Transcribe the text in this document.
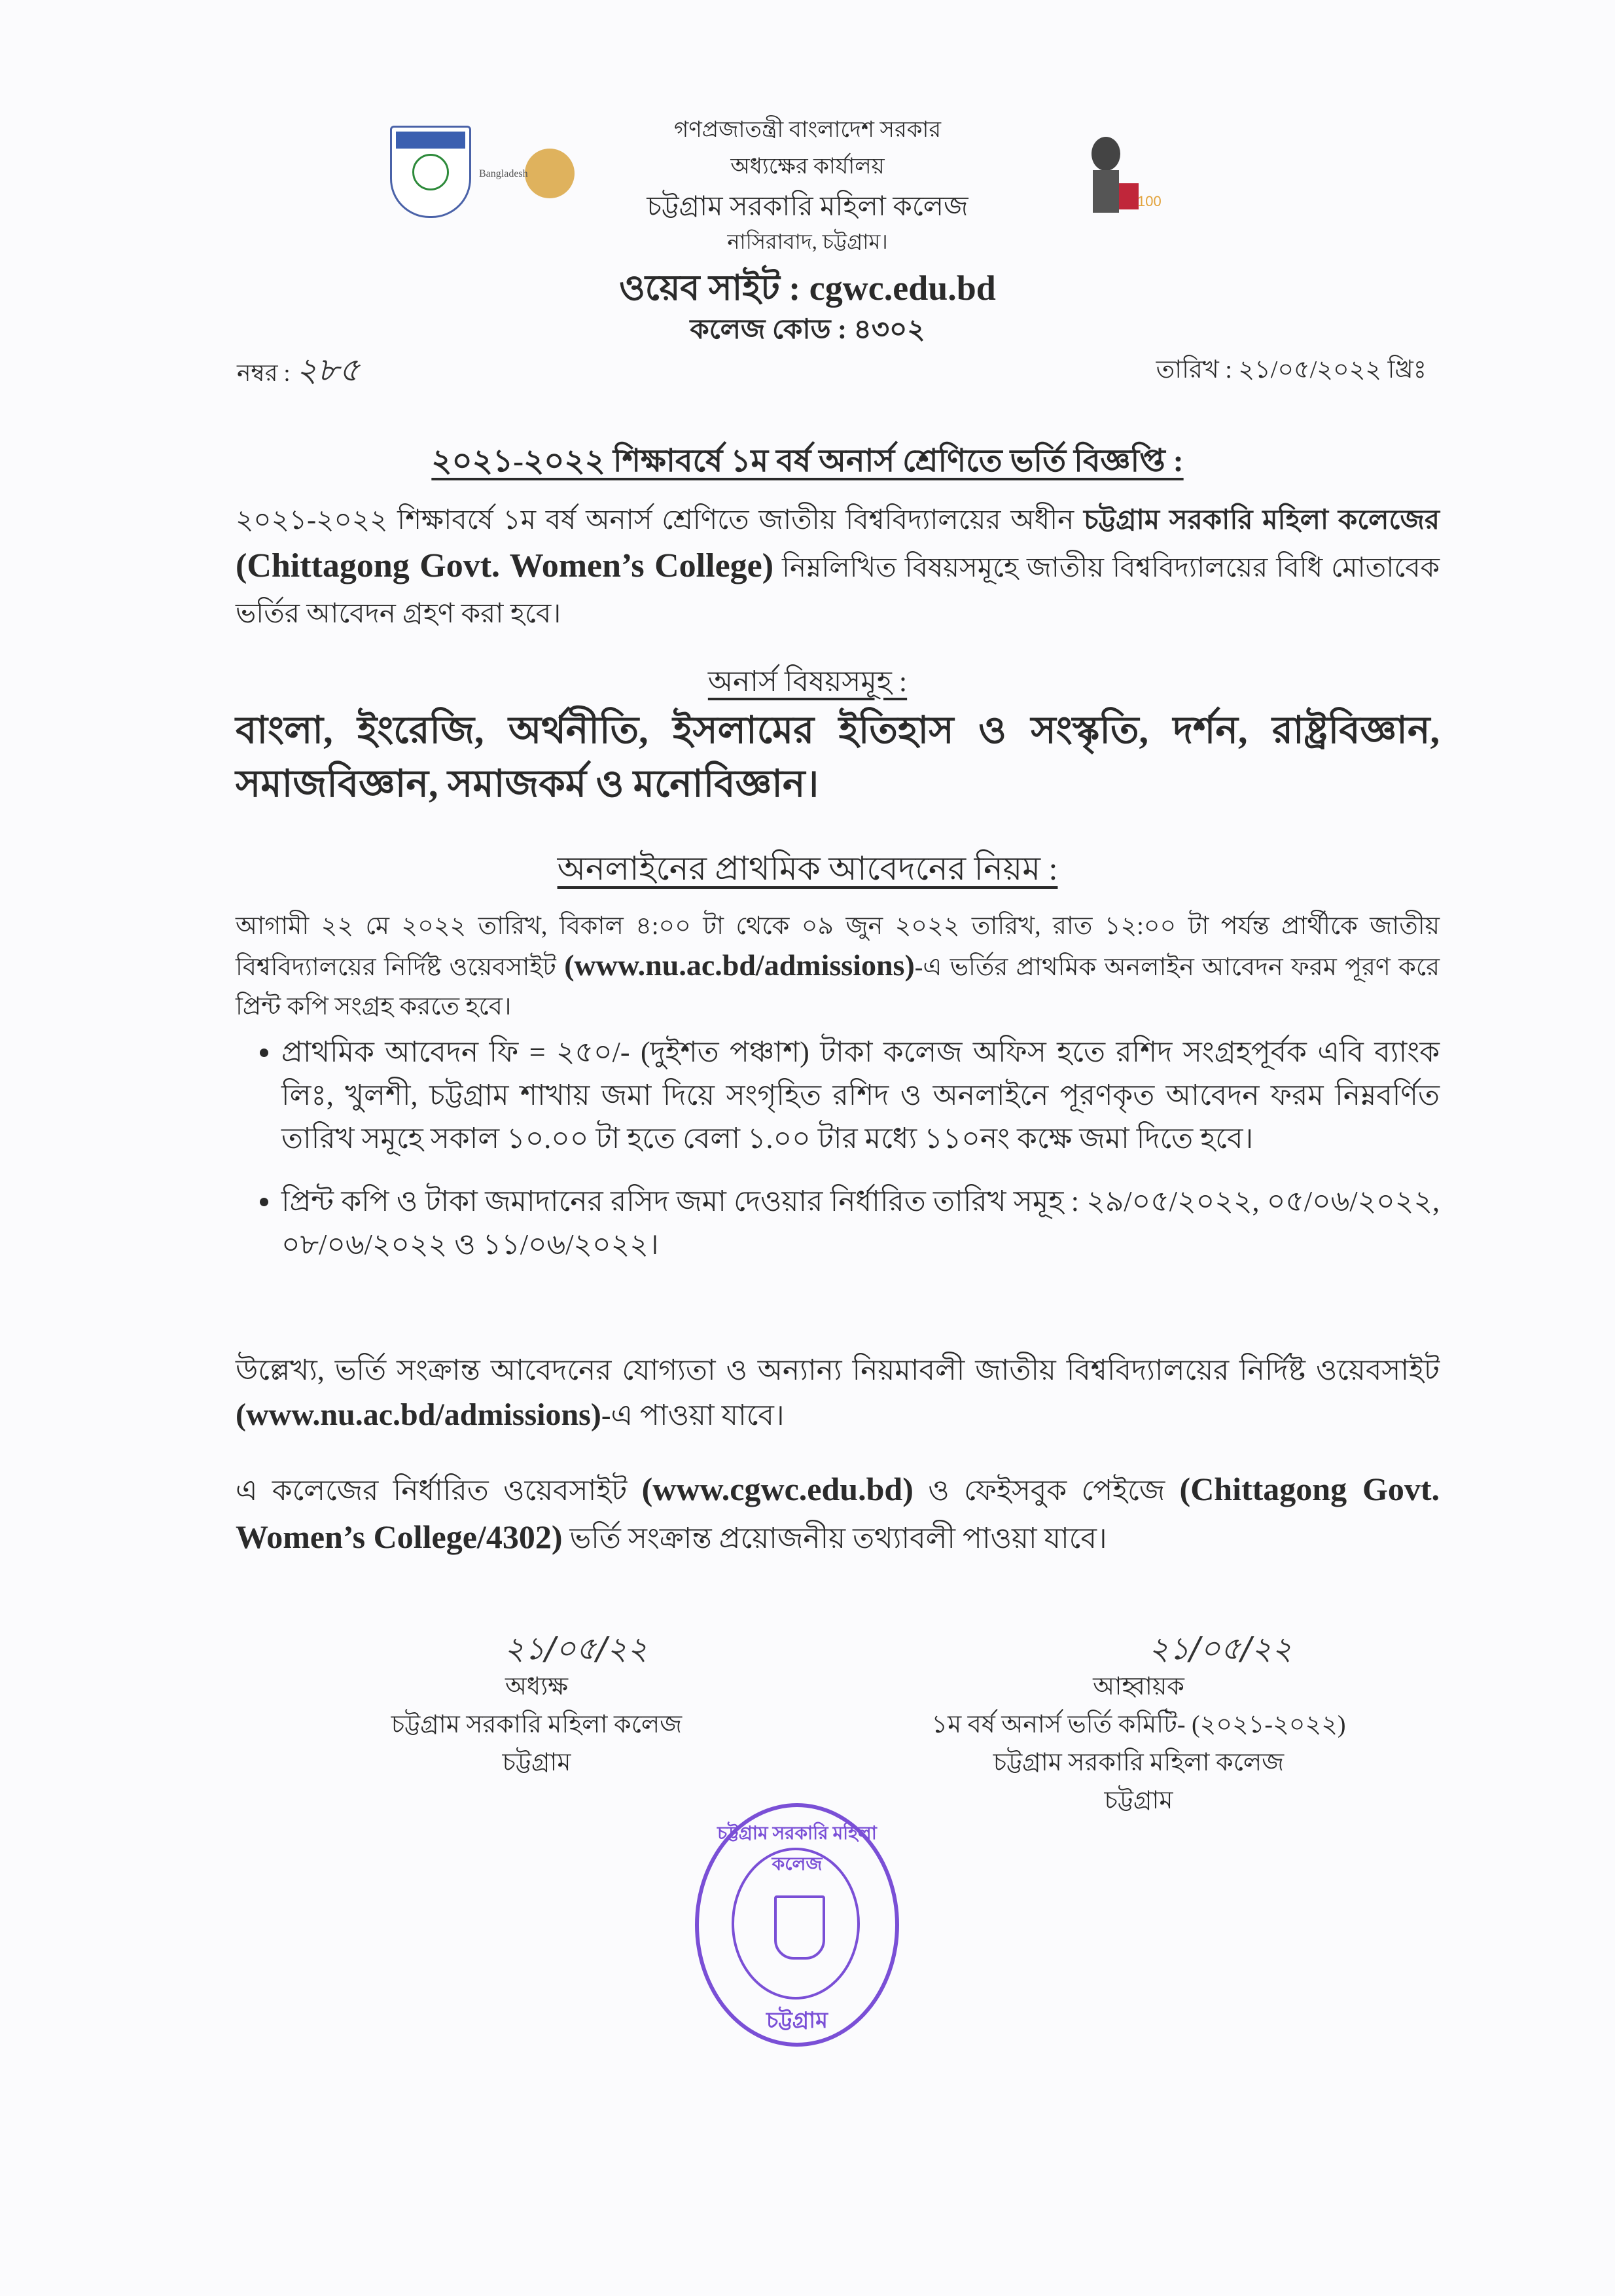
Bangladesh
100
গণপ্রজাতন্ত্রী বাংলাদেশ সরকার
অধ্যক্ষের কার্যালয়
চট্টগ্রাম সরকারি মহিলা কলেজ
নাসিরাবাদ, চট্টগ্রাম।
ওয়েব সাইট : cgwc.edu.bd
কলেজ কোড : ৪৩০২
নম্বর : ২৮৫	তারিখ : ২১/০৫/২০২২ খ্রিঃ
২০২১-২০২২ শিক্ষাবর্ষে ১ম বর্ষ অনার্স শ্রেণিতে ভর্তি বিজ্ঞপ্তি :
২০২১-২০২২ শিক্ষাবর্ষে ১ম বর্ষ অনার্স শ্রেণিতে জাতীয় বিশ্ববিদ্যালয়ের অধীন চট্টগ্রাম সরকারি মহিলা কলেজের (Chittagong Govt. Women’s College) নিম্নলিখিত বিষয়সমূহে জাতীয় বিশ্ববিদ্যালয়ের বিধি মোতাবেক ভর্তির আবেদন গ্রহণ করা হবে।
অনার্স বিষয়সমূহ :
বাংলা, ইংরেজি, অর্থনীতি, ইসলামের ইতিহাস ও সংস্কৃতি, দর্শন, রাষ্ট্রবিজ্ঞান, সমাজবিজ্ঞান, সমাজকর্ম ও মনোবিজ্ঞান।
অনলাইনের প্রাথমিক আবেদনের নিয়ম :
আগামী ২২ মে ২০২২ তারিখ, বিকাল ৪:০০ টা থেকে ০৯ জুন ২০২২ তারিখ, রাত ১২:০০ টা পর্যন্ত প্রার্থীকে জাতীয় বিশ্ববিদ্যালয়ের নির্দিষ্ট ওয়েবসাইট (www.nu.ac.bd/admissions)-এ ভর্তির প্রাথমিক অনলাইন আবেদন ফরম পূরণ করে প্রিন্ট কপি সংগ্রহ করতে হবে।
• প্রাথমিক আবেদন ফি = ২৫০/- (দুইশত পঞ্চাশ) টাকা কলেজ অফিস হতে রশিদ সংগ্রহপূর্বক এবি ব্যাংক লিঃ, খুলশী, চট্টগ্রাম শাখায় জমা দিয়ে সংগৃহিত রশিদ ও অনলাইনে পূরণকৃত আবেদন ফরম নিম্নবর্ণিত তারিখ সমূহে সকাল ১০.০০ টা হতে বেলা ১.০০ টার মধ্যে ১১০নং কক্ষে জমা দিতে হবে।
• প্রিন্ট কপি ও টাকা জমাদানের রসিদ জমা দেওয়ার নির্ধারিত তারিখ সমূহ : ২৯/০৫/২০২২, ০৫/০৬/২০২২, ০৮/০৬/২০২২ ও ১১/০৬/২০২২।
উল্লেখ্য, ভর্তি সংক্রান্ত আবেদনের যোগ্যতা ও অন্যান্য নিয়মাবলী জাতীয় বিশ্ববিদ্যালয়ের নির্দিষ্ট ওয়েবসাইট (www.nu.ac.bd/admissions)-এ পাওয়া যাবে।
এ কলেজের নির্ধারিত ওয়েবসাইট (www.cgwc.edu.bd) ও ফেইসবুক পেইজে (Chittagong Govt. Women’s College/4302) ভর্তি সংক্রান্ত প্রয়োজনীয় তথ্যাবলী পাওয়া যাবে।
২১/০৫/২২
অধ্যক্ষ
চট্টগ্রাম সরকারি মহিলা কলেজ
চট্টগ্রাম
২১/০৫/২২
আহ্বায়ক
১ম বর্ষ অনার্স ভর্তি কমিটি- (২০২১-২০২২)
চট্টগ্রাম সরকারি মহিলা কলেজ
চট্টগ্রাম
চট্টগ্রাম সরকারি মহিলা কলেজ
চট্টগ্রাম
